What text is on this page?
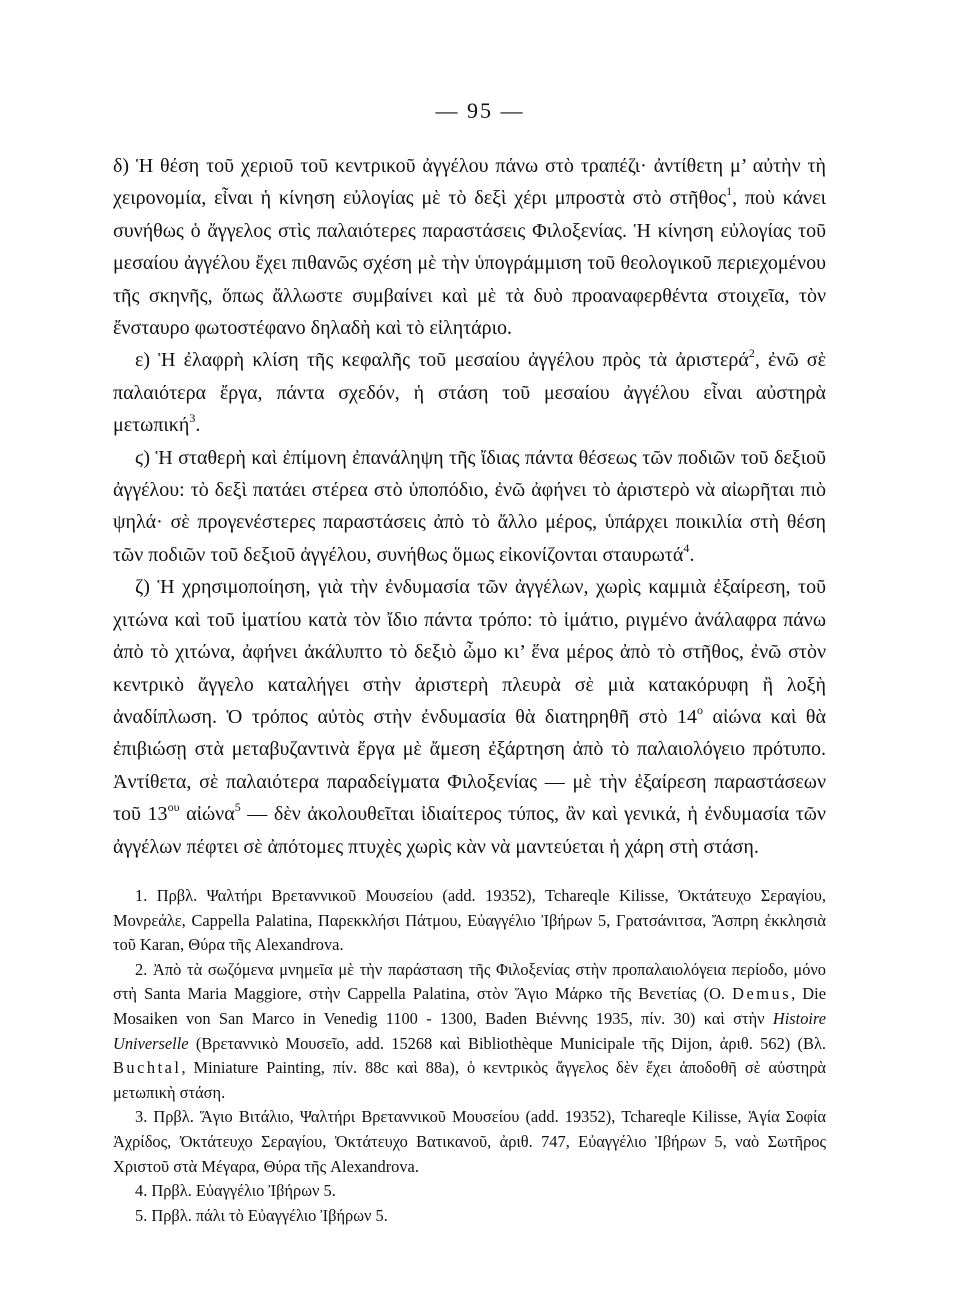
— 95 —

δ) Ἡ θέση τοῦ χεριοῦ τοῦ κεντρικοῦ ἀγγέλου πάνω στὸ τραπέζι· ἀντίθετη μ’ αὐτὴν τὴ χειρονομία, εἶναι ἡ κίνηση εὐλογίας μὲ τὸ δεξὶ χέρι μπροστὰ στὸ στῆθος$^1$, ποὺ κάνει συνήθως ὁ ἄγγελος στὶς παλαιότερες παραστάσεις Φιλοξενίας. Ἡ κίνηση εὐλογίας τοῦ μεσαίου ἀγγέλου ἔχει πιθανῶς σχέση μὲ τὴν ὑπογράμμιση τοῦ θεολογικοῦ περιεχομένου τῆς σκηνῆς, ὅπως ἄλλωστε συμβαίνει καὶ μὲ τὰ δυὸ προαναφερθέντα στοιχεῖα, τὸν ἔνσταυρο φωτοστέφανο δηλαδὴ καὶ τὸ εἰλητάριο.

ε) Ἡ ἐλαφρὴ κλίση τῆς κεφαλῆς τοῦ μεσαίου ἀγγέλου πρὸς τὰ ἀριστερά$^2$, ἐνῶ σὲ παλαιότερα ἔργα, πάντα σχεδόν, ἡ στάση τοῦ μεσαίου ἀγγέλου εἶναι αὐστηρὰ μετωπική$^3$.

ϛ) Ἡ σταθερὴ καὶ ἐπίμονη ἐπανάληψη τῆς ἴδιας πάντα θέσεως τῶν ποδιῶν τοῦ δεξιοῦ ἀγγέλου: τὸ δεξὶ πατάει στέρεα στὸ ὑποπόδιο, ἐνῶ ἀφήνει τὸ ἀριστερὸ νὰ αἰωρῆται πιὸ ψηλά· σὲ προγενέστερες παραστάσεις ἀπὸ τὸ ἄλλο μέρος, ὑπάρχει ποικιλία στὴ θέση τῶν ποδιῶν τοῦ δεξιοῦ ἀγγέλου, συνήθως ὅμως εἰκονίζονται σταυρωτά$^4$.

ζ) Ἡ χρησιμοποίηση, γιὰ τὴν ἐνδυμασία τῶν ἀγγέλων, χωρὶς καμμιὰ ἐξαίρεση, τοῦ χιτώνα καὶ τοῦ ἱματίου κατὰ τὸν ἴδιο πάντα τρόπο: τὸ ἱμάτιο, ριγμένο ἀνάλαφρα πάνω ἀπὸ τὸ χιτώνα, ἀφήνει ἀκάλυπτο τὸ δεξιὸ ὦμο κι’ ἕνα μέρος ἀπὸ τὸ στῆθος, ἐνῶ στὸν κεντρικὸ ἄγγελο καταλήγει στὴν ἀριστερὴ πλευρὰ σὲ μιὰ κατακόρυφη ἢ λοξὴ ἀναδίπλωση. Ὁ τρόπος αὐτὸς στὴν ἐνδυμασία θὰ διατηρηθῆ στὸ $14^o$ αἰώνα καὶ θὰ ἐπιβιώσῃ στὰ μεταβυζαντινὰ ἔργα μὲ ἄμεση ἐξάρτηση ἀπὸ τὸ παλαιολόγειο πρότυπο. Ἀντίθετα, σὲ παλαιότερα παραδείγματα Φιλοξενίας — μὲ τὴν ἐξαίρεση παραστάσεων τοῦ $13^{o\upsilon}$ αἰώνα$^5$ — δὲν ἀκολουθεῖται ἰδιαίτερος τύπος, ἂν καὶ γενικά, ἡ ἐνδυμασία τῶν ἀγγέλων πέφτει σὲ ἀπότομες πτυχὲς χωρὶς κὰν νὰ μαντεύεται ἡ χάρη στὴ στάση.

1. Πρβλ. Ψαλτήρι Βρεταννικοῦ Μουσείου (add. 19352), Tchareqle Kilisse, Ὀκτάτευχο Σεραγίου, Μονρεάλε, Cappella Palatina, Παρεκκλήσι Πάτμου, Εὐαγγέλιο Ἰβήρων 5, Γρατσάνιτσα, Ἄσπρη ἐκκλησιὰ τοῦ Karan, Θύρα τῆς Alexandrova.

2. Ἀπὸ τὰ σωζόμενα μνημεῖα μὲ τὴν παράσταση τῆς Φιλοξενίας στὴν προπαλαιολόγεια περίοδο, μόνο στὴ Santa Maria Maggiore, στὴν Cappella Palatina, στὸν Ἅγιο Μάρκο τῆς Βενετίας (O. Demus, Die Mosaiken von San Marco in Venedig 1100 - 1300, Baden Βιέννης 1935, πίν. 30) καὶ στὴν Histoire Universelle (Βρεταννικὸ Μουσεῖο, add. 15268 καὶ Bibliothèque Municipale τῆς Dijon, ἀριθ. 562) (Βλ. Buchtal, Miniature Painting, πίν. 88c καὶ 88a), ὁ κεντρικὸς ἄγγελος δὲν ἔχει ἀποδοθῆ σὲ αὐστηρὰ μετωπικὴ στάση.

3. Πρβλ. Ἅγιο Βιτάλιο, Ψαλτήρι Βρεταννικοῦ Μουσείου (add. 19352), Tchareqle Kilisse, Ἁγία Σοφία Ἀχρίδος, Ὀκτάτευχο Σεραγίου, Ὀκτάτευχο Βατικανοῦ, ἀριθ. 747, Εὐαγγέλιο Ἰβήρων 5, ναὸ Σωτῆρος Χριστοῦ στὰ Μέγαρα, Θύρα τῆς Alexandrova.

4. Πρβλ. Εὐαγγέλιο Ἰβήρων 5.

5. Πρβλ. πάλι τὸ Εὐαγγέλιο Ἰβήρων 5.
